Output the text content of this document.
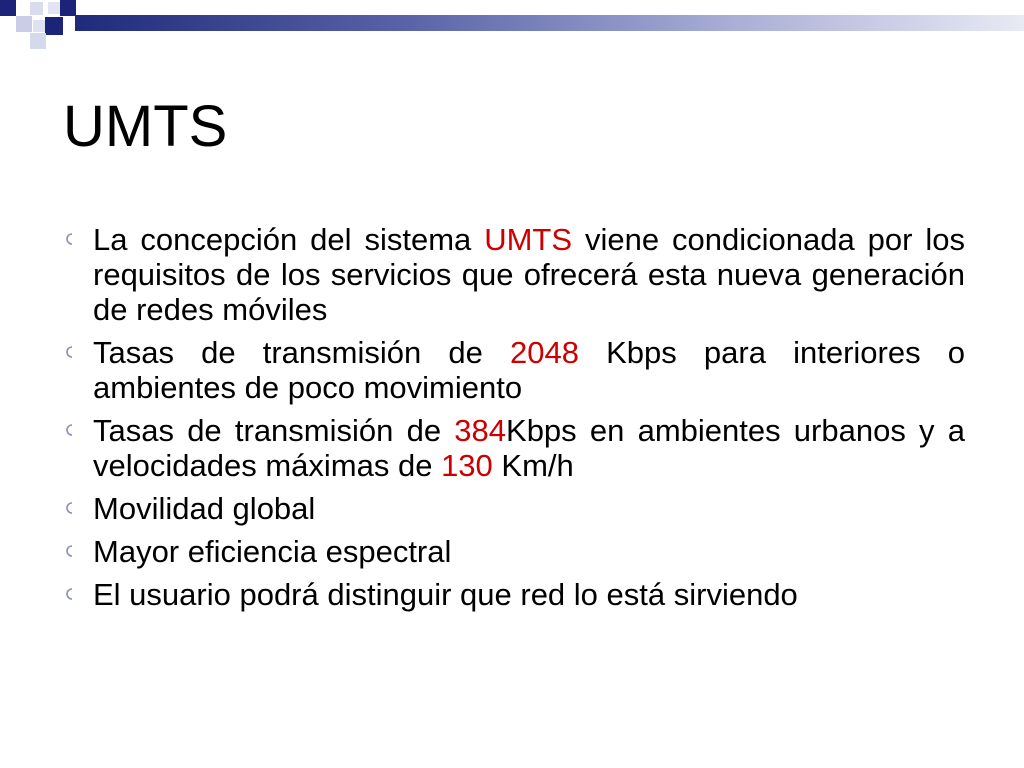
UMTS
La concepción del sistema UMTS viene condicionada por los requisitos de los servicios que ofrecerá esta nueva generación de redes móviles
Tasas de transmisión de 2048 Kbps para interiores o ambientes de poco movimiento
Tasas de transmisión de 384Kbps en ambientes urbanos y a velocidades máximas de 130 Km/h
Movilidad global
Mayor eficiencia espectral
El usuario podrá distinguir que red lo está sirviendo
